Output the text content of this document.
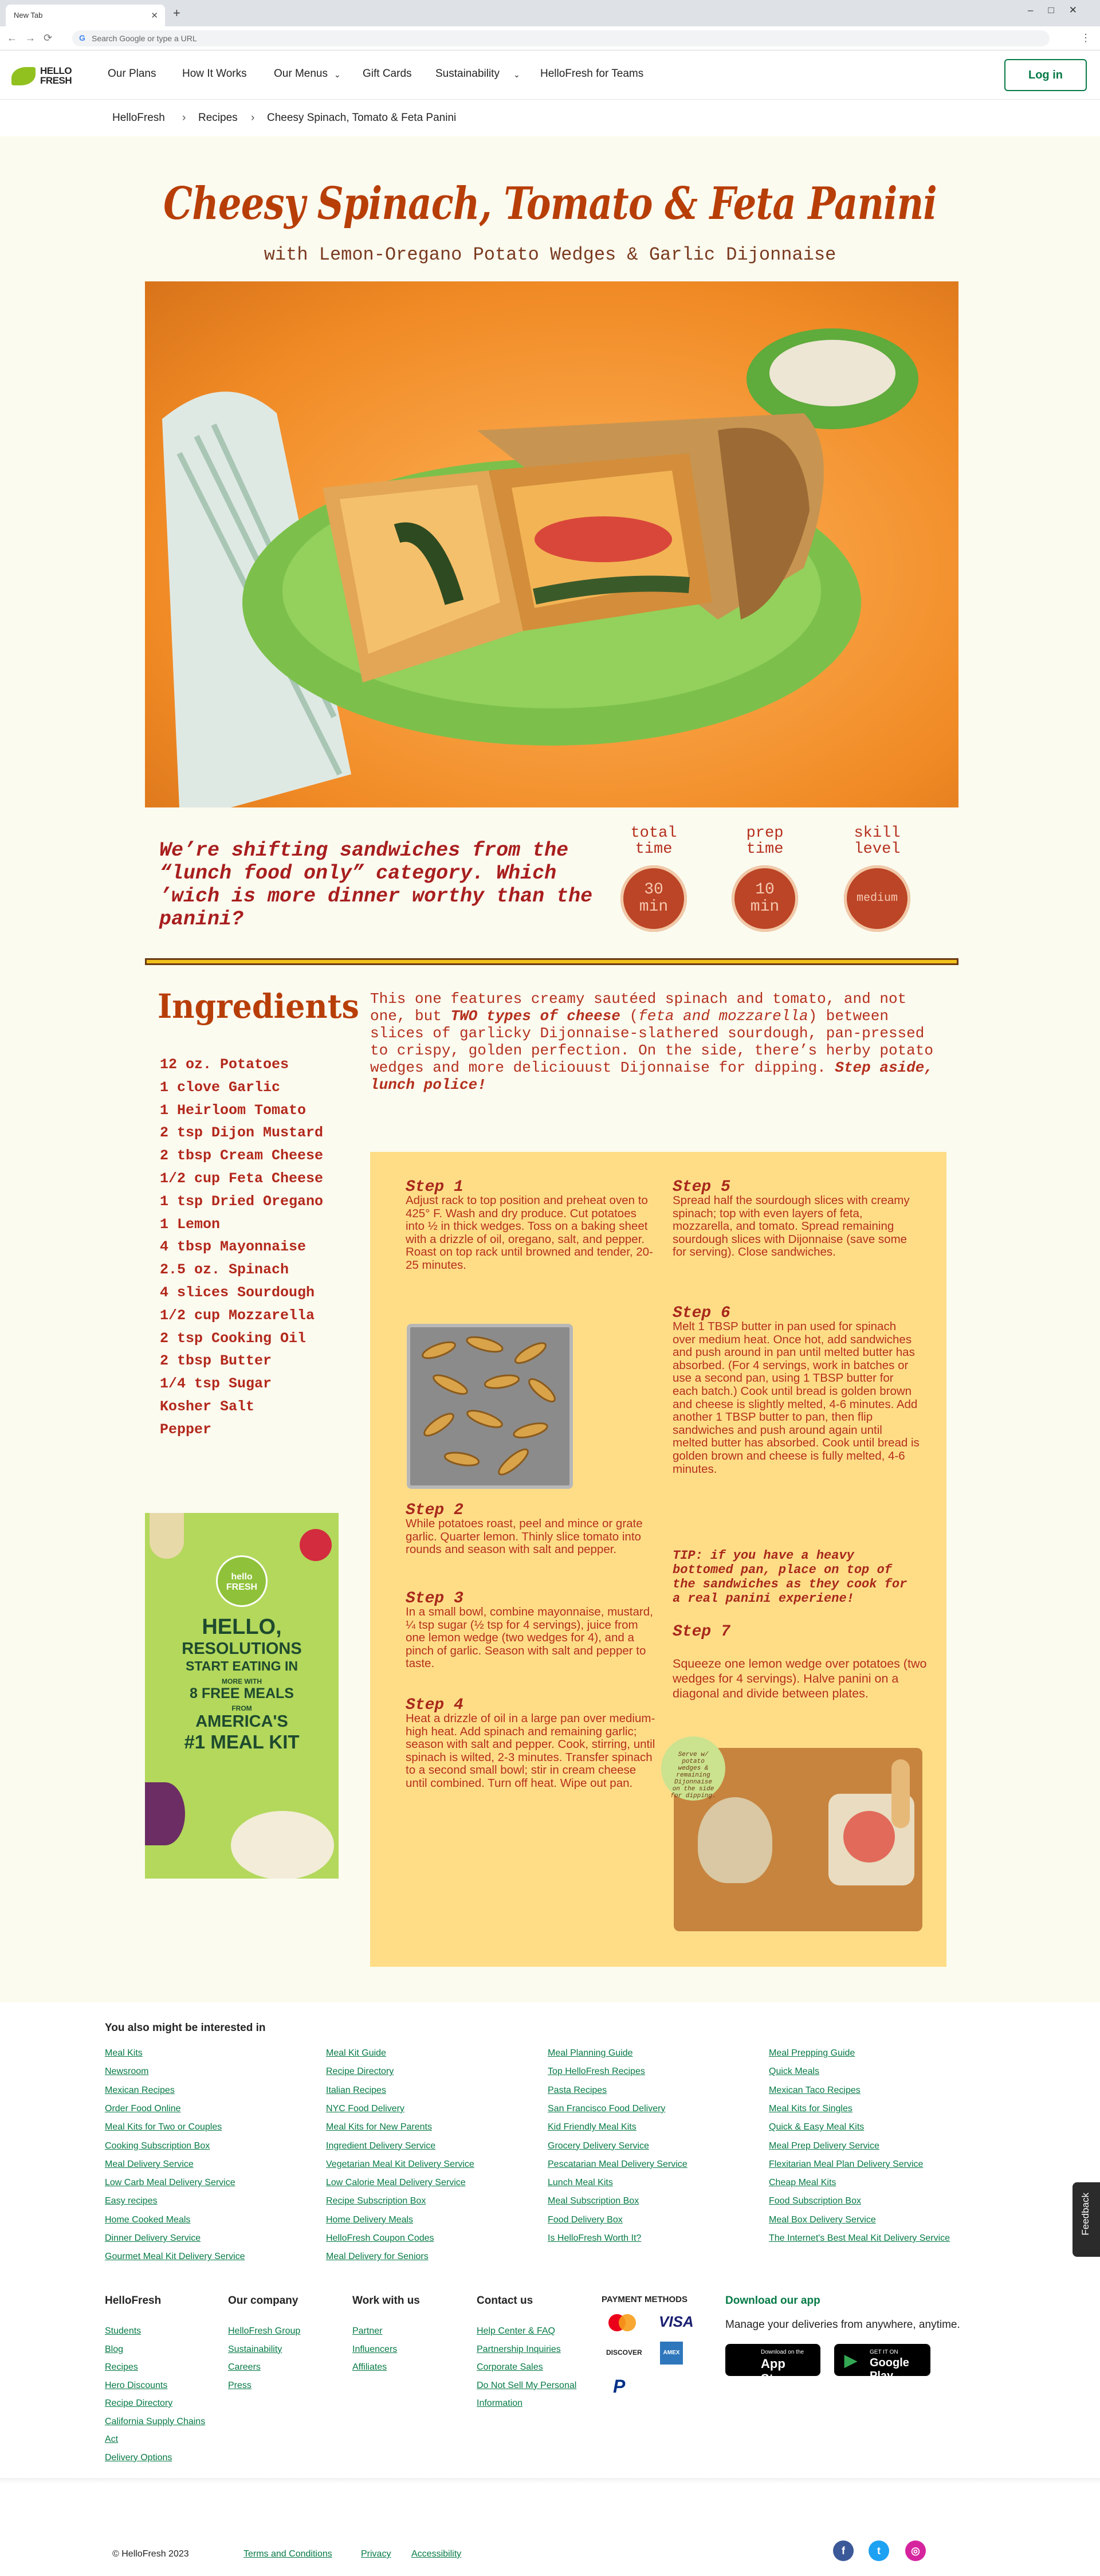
New Tab	✕ +	–□✕
←→⟳ G Search Google or type a URL	⋮
HELLO
FRESH
Our Plans How It Works Our Menus ⌄ Gift Cards Sustainability ⌄ HelloFresh for Teams	Log in
HelloFresh › Recipes › Cheesy Spinach, Tomato & Feta Panini
Cheesy Spinach, Tomato & Feta Panini
with Lemon-Oregano Potato Wedges & Garlic Dijonnaise
We’re shifting sandwiches from the “lunch food only” category. Which ’wich is more dinner worthy than the panini?
total
time
prep
time
skill
level
30
min
10
min	medium
Ingredients
12 oz. Potatoes
1 clove Garlic
1 Heirloom Tomato
2 tsp Dijon Mustard
2 tbsp Cream Cheese
1/2 cup Feta Cheese
1 tsp Dried Oregano
1 Lemon
4 tbsp Mayonnaise
2.5 oz. Spinach
4 slices Sourdough
1/2 cup Mozzarella
2 tsp Cooking Oil
2 tbsp Butter
1/4 tsp Sugar
Kosher Salt
Pepper
This one features creamy sautéed spinach and tomato, and not one, but TWO types of cheese (feta and mozzarella) between slices of garlicky Dijonnaise-slathered sourdough, pan-pressed to crispy, golden perfection. On the side, there’s herby potato wedges and more deliciouust Dijonnaise for dipping. Step aside, lunch police!
hello
FRESH
HELLO,
RESOLUTIONS
START EATING IN
MORE WITH
8 FREE MEALS
FROM
AMERICA'S
#1 MEAL KIT
Serve w/ potato wedges & remaining Dijonnaise on the side for dipping.
Step 1
Adjust rack to top position and preheat oven to 425° F. Wash and dry produce. Cut potatoes into ½ in thick wedges. Toss on a baking sheet with a drizzle of oil, oregano, salt, and pepper. Roast on top rack until browned and tender, 20-25 minutes.
Step 2
While potatoes roast, peel and mince or grate garlic. Quarter lemon. Thinly slice tomato into rounds and season with salt and pepper.
Step 3
In a small bowl, combine mayonnaise, mustard, ¼ tsp sugar (½ tsp for 4 servings), juice from one lemon wedge (two wedges for 4), and a pinch of garlic. Season with salt and pepper to taste.
Step 4
Heat a drizzle of oil in a large pan over medium-high heat. Add spinach and remaining garlic; season with salt and pepper. Cook, stirring, until spinach is wilted, 2-3 minutes. Transfer spinach to a second small bowl; stir in cream cheese until combined. Turn off heat. Wipe out pan.
Step 5
Spread half the sourdough slices with creamy spinach; top with even layers of feta, mozzarella, and tomato. Spread remaining sourdough slices with Dijonnaise (save some for serving). Close sandwiches.
Step 6
Melt 1 TBSP butter in pan used for spinach over medium heat. Once hot, add sandwiches and push around in pan until melted butter has absorbed. (For 4 servings, work in batches or use a second pan, using 1 TBSP butter for each batch.) Cook until bread is golden brown and cheese is slightly melted, 4-6 minutes. Add another 1 TBSP butter to pan, then flip sandwiches and push around again until melted butter has absorbed. Cook until bread is golden brown and cheese is fully melted, 4-6 minutes.
TIP: if you have a heavy bottomed pan, place on top of the sandwiches as they cook for a real panini experiene!
Step 7
Squeeze one lemon wedge over potatoes (two wedges for 4 servings). Halve panini on a diagonal and divide between plates.
You also might be interested in
Meal Kits
Newsroom
Mexican Recipes
Order Food Online
Meal Kits for Two or Couples
Cooking Subscription Box
Meal Delivery Service
Low Carb Meal Delivery Service
Easy recipes
Home Cooked Meals
Dinner Delivery Service
Gourmet Meal Kit Delivery Service
Meal Kit Guide
Recipe Directory
Italian Recipes
NYC Food Delivery
Meal Kits for New Parents
Ingredient Delivery Service
Vegetarian Meal Kit Delivery Service
Low Calorie Meal Delivery Service
Recipe Subscription Box
Home Delivery Meals
HelloFresh Coupon Codes
Meal Delivery for Seniors
Meal Planning Guide
Top HelloFresh Recipes
Pasta Recipes
San Francisco Food Delivery
Kid Friendly Meal Kits
Grocery Delivery Service
Pescatarian Meal Delivery Service
Lunch Meal Kits
Meal Subscription Box
Food Delivery Box
Is HelloFresh Worth It?
Meal Prepping Guide
Quick Meals
Mexican Taco Recipes
Meal Kits for Singles
Quick & Easy Meal Kits
Meal Prep Delivery Service
Flexitarian Meal Plan Delivery Service
Cheap Meal Kits
Food Subscription Box
Meal Box Delivery Service
The Internet's Best Meal Kit Delivery Service
HelloFresh	Our company	Work with us	Contact us
Students
Blog
Recipes
Hero Discounts
Recipe Directory
California Supply Chains
Act
Delivery Options
HelloFresh Group
Sustainability
Careers
Press
Partner
Influencers
Affiliates
Help Center & FAQ
Partnership Inquiries
Corporate Sales
Do Not Sell My Personal
Information
PAYMENT METHODS
VISA
DISCOVER	AMEX
P
Download our app
Manage your deliveries from anywhere, anytime.
Download on the
App Store
▶ GET IT ON
Google Play
© HelloFresh 2023	Terms and Conditions	Privacy Accessibility	f	t	◎
Feedback
